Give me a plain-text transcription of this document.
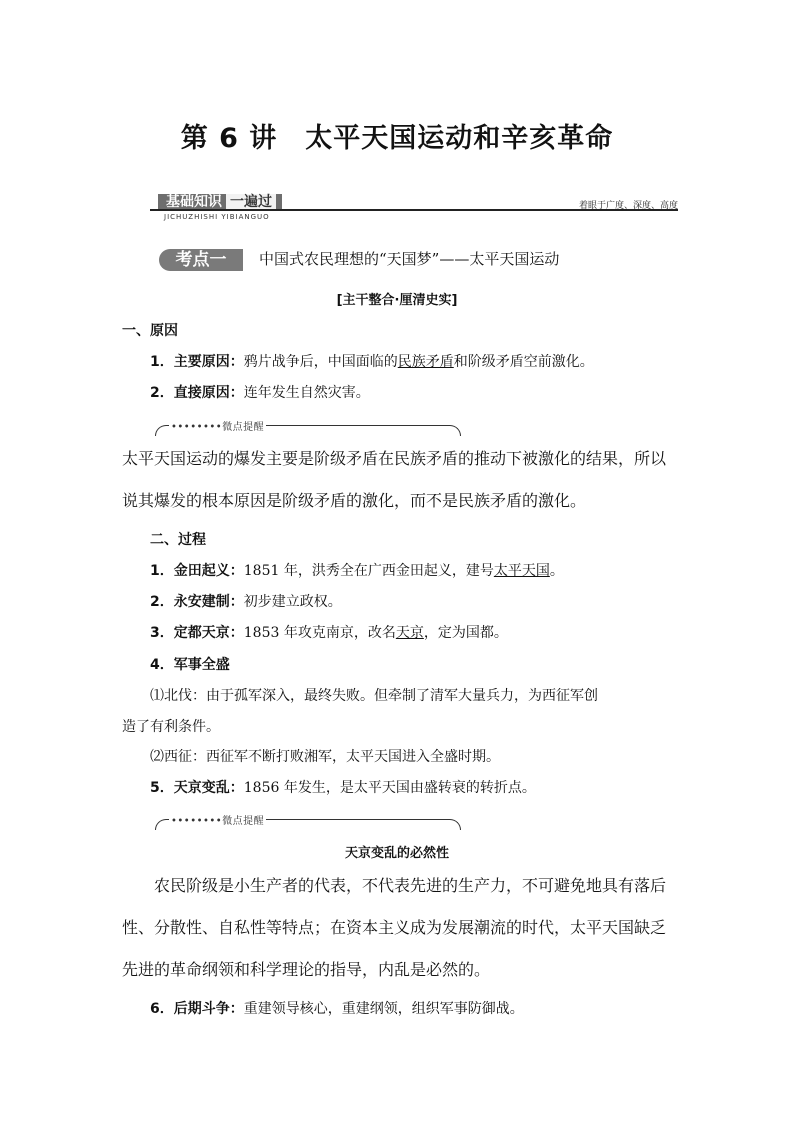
第 6 讲　太平天国运动和辛亥革命
基础知识 一遍过
JICHUZHISHI YIBIANGUO
着眼于广度、深度、高度
考点一	中国式农民理想的“天国梦”——太平天国运动
[主干整合·厘清史实]
一、原因
1．主要原因：鸦片战争后，中国面临的民族矛盾和阶级矛盾空前激化。
2．直接原因：连年发生自然灾害。
••••••••微点提醒
太平天国运动的爆发主要是阶级矛盾在民族矛盾的推动下被激化的结果，所以说其爆发的根本原因是阶级矛盾的激化，而不是民族矛盾的激化。
二、过程
1．金田起义：1851 年，洪秀全在广西金田起义，建号太平天国。
2．永安建制：初步建立政权。
3．定都天京：1853 年攻克南京，改名天京，定为国都。
4．军事全盛
⑴北伐：由于孤军深入，最终失败。但牵制了清军大量兵力，为西征军创
造了有利条件。
⑵西征：西征军不断打败湘军，太平天国进入全盛时期。
5．天京变乱：1856 年发生，是太平天国由盛转衰的转折点。
••••••••微点提醒
天京变乱的必然性
农民阶级是小生产者的代表，不代表先进的生产力，不可避免地具有落后性、分散性、自私性等特点；在资本主义成为发展潮流的时代，太平天国缺乏先进的革命纲领和科学理论的指导，内乱是必然的。
6．后期斗争：重建领导核心，重建纲领，组织军事防御战。
